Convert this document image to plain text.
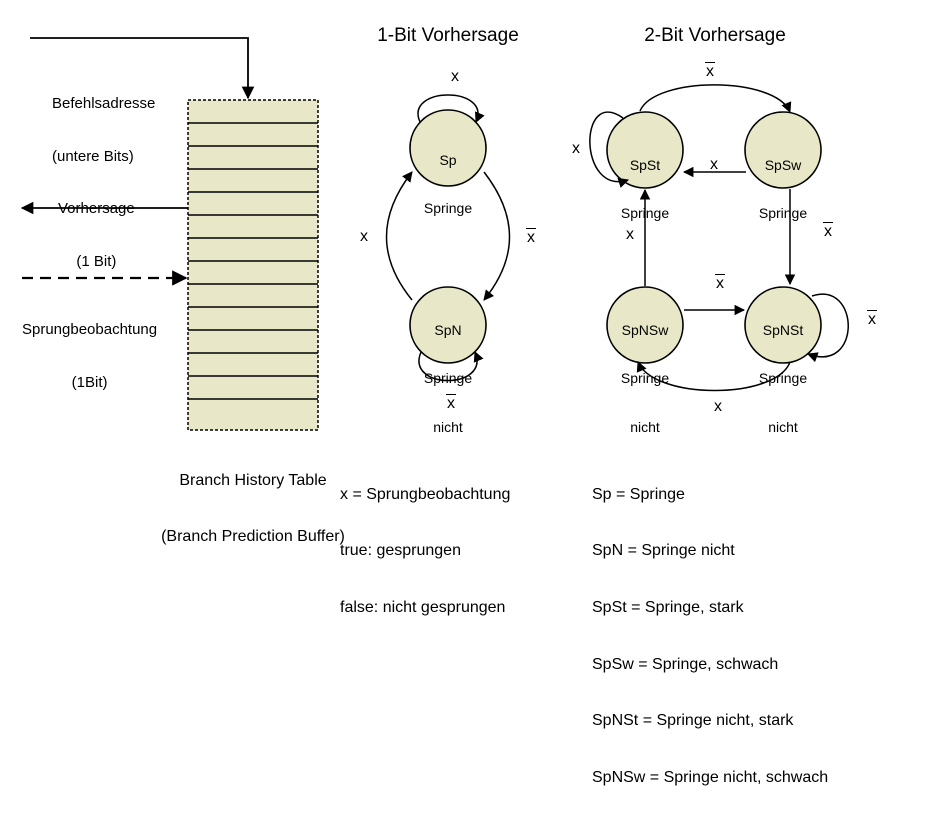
Befehlsadresse

(untere Bits)

Vorhersage

(1 Bit)

Sprungbeobachtung

(1Bit)

Branch History Table

(Branch Prediction Buffer)

1-Bit Vorhersage

Sp

Springe

SpN

Springe

nicht

x
x
x	x

x = Sprungbeobachtung

true: gesprungen

false: nicht gesprungen

2-Bit Vorhersage

SpSt

Springe

SpSw

Springe

SpNSw

Springe

nicht

SpNSt

Springe

nicht

x
x
x
x
x
x
x
x

Sp = Springe

SpN = Springe nicht

SpSt = Springe, stark

SpSw = Springe, schwach

SpNSt = Springe nicht, stark

SpNSw = Springe nicht, schwach
